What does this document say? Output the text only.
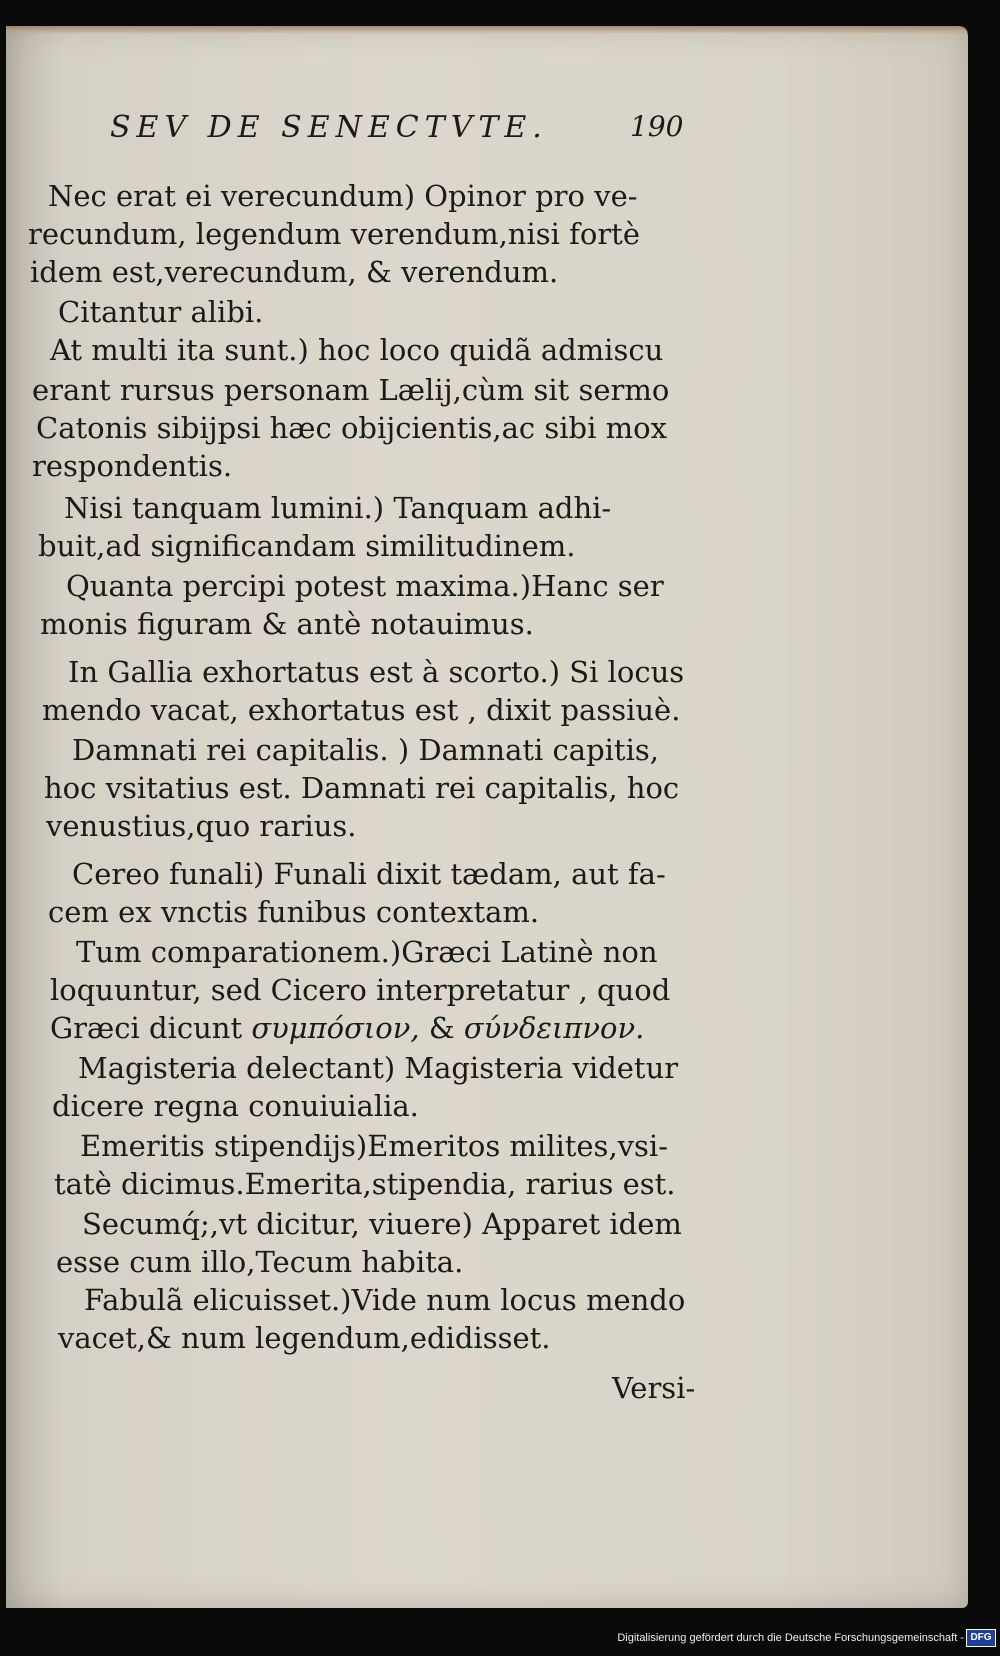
SEV DE SENECTVTE.	190
Nec erat ei verecundum) Opinor pro ve-
recundum, legendum verendum,nisi fortè
idem est,verecundum, & verendum.
Citantur alibi.
At multi ita sunt.) hoc loco quidã admiscu
erant rursus personam Lælij,cùm sit sermo
Catonis sibijpsi hæc obijcientis,ac sibi mox
respondentis.
Nisi tanquam lumini.) Tanquam adhi-
buit,ad significandam similitudinem.
Quanta percipi potest maxima.)Hanc ser
monis figuram & antè notauimus.
In Gallia exhortatus est à scorto.) Si locus
mendo vacat, exhortatus est , dixit passiuè.
Damnati rei capitalis. ) Damnati capitis,
hoc vsitatius est. Damnati rei capitalis, hoc
venustius,quo rarius.
Cereo funali) Funali dixit tædam, aut fa-
cem ex vnctis funibus contextam.
Tum comparationem.)Græci Latinè non
loquuntur, sed Cicero interpretatur , quod
Græci dicunt συμπόσιον, & σύνδειπνον.
Magisteria delectant) Magisteria videtur
dicere regna conuiuialia.
Emeritis stipendijs)Emeritos milites,vsi-
tatè dicimus.Emerita,stipendia, rarius est.
Secumq́;,vt dicitur, viuere) Apparet idem
esse cum illo,Tecum habita.
Fabulã elicuisset.)Vide num locus mendo
vacet,& num legendum,edidisset.
Versi-
Digitalisierung gefördert durch die Deutsche Forschungsgemeinschaft - DFG
